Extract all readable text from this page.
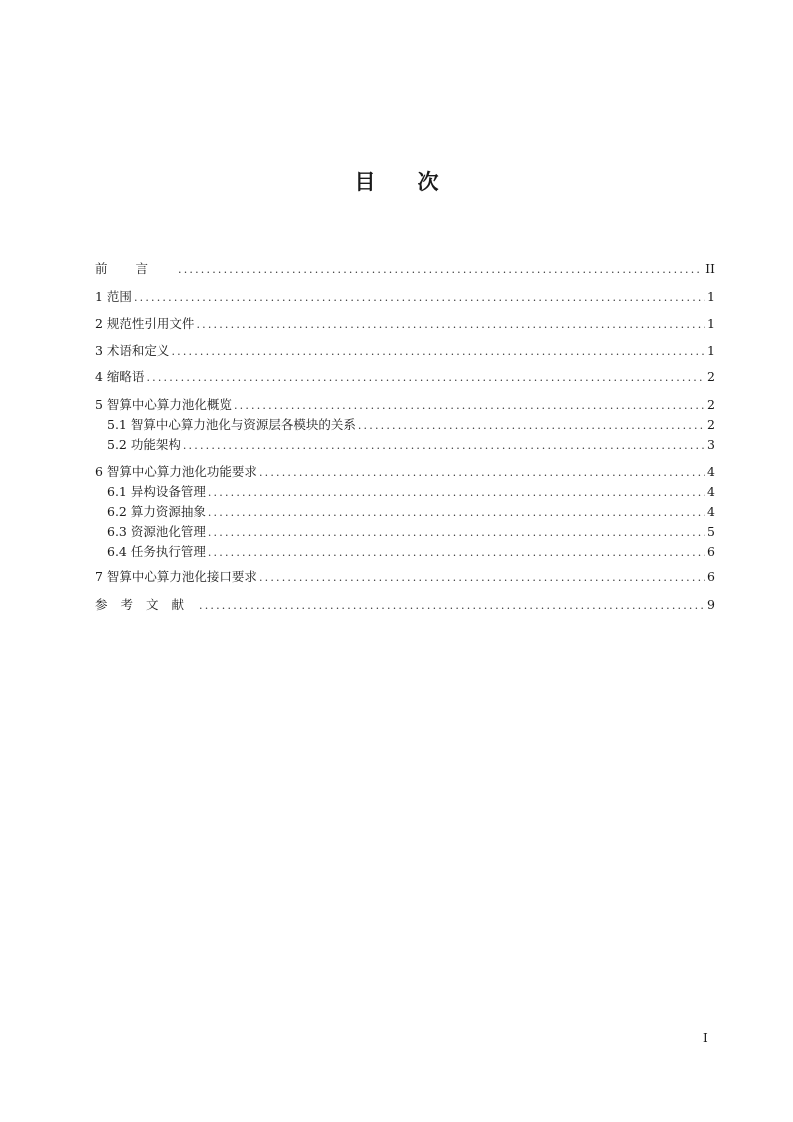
目 次
前言 .....	II
1 范围 .....	1
2 规范性引用文件 .....	1
3 术语和定义 .....	1
4 缩略语 .....	2
5 智算中心算力池化概览 .....	2
5.1 智算中心算力池化与资源层各模块的关系 .....	2
5.2 功能架构 .....	3
6 智算中心算力池化功能要求 .....	4
6.1 异构设备管理 .....	4
6.2 算力资源抽象 .....	4
6.3 资源池化管理 .....	5
6.4 任务执行管理 .....	6
7 智算中心算力池化接口要求 .....	6
参考文献 .....	9

I
